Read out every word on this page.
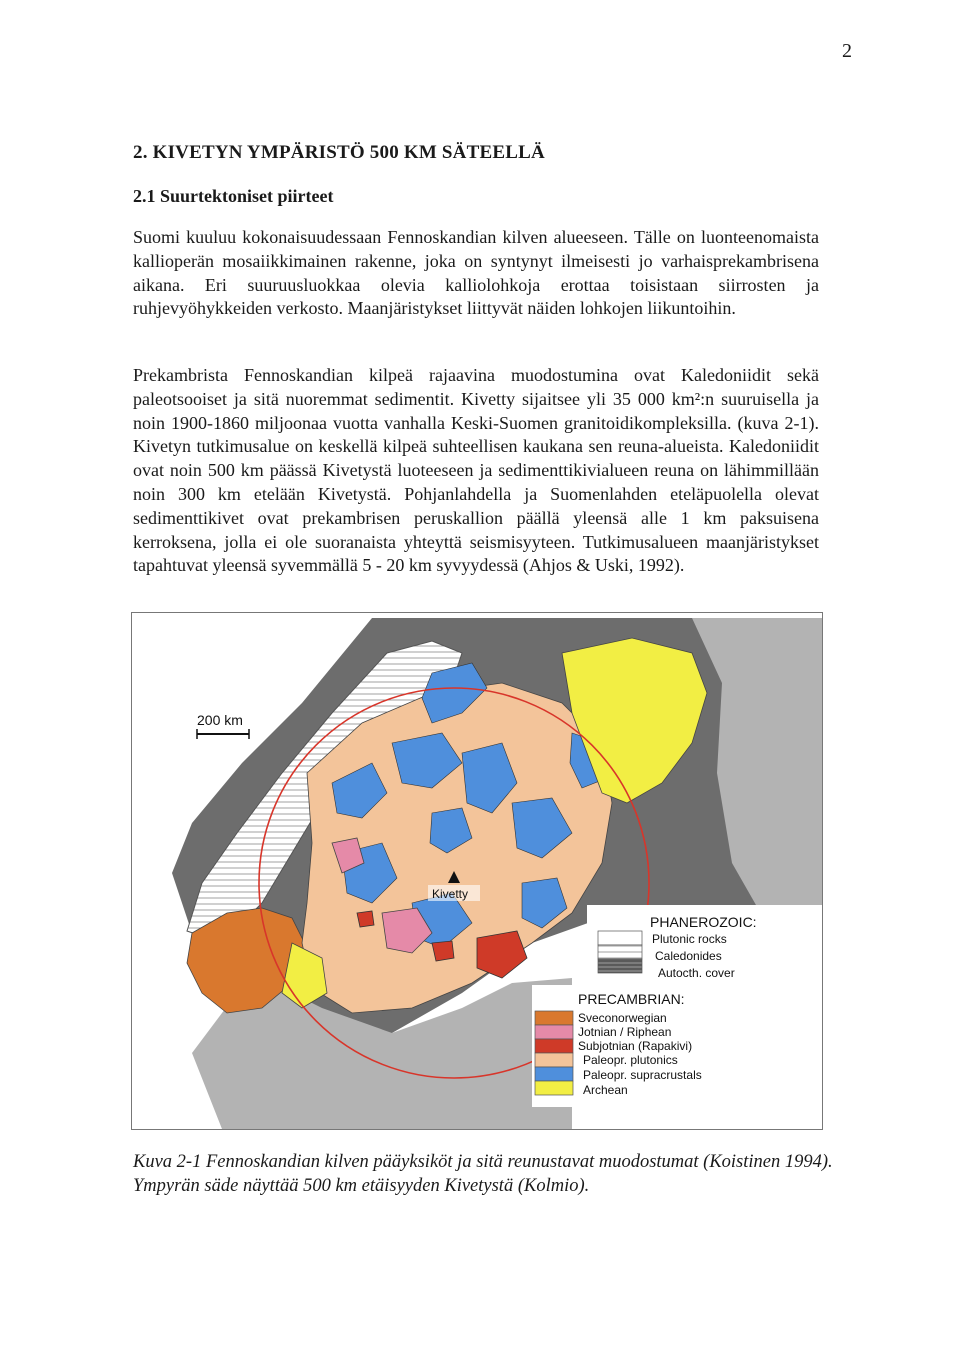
2
2. KIVETYN YMPÄRISTÖ 500 KM SÄTEELLÄ
2.1 Suurtektoniset piirteet

Suomi kuuluu kokonaisuudessaan Fennoskandian kilven alueeseen. Tälle on luonteenomaista kallioperän mosaiikkimainen rakenne, joka on syntynyt ilmeisesti jo varhaisprekambrisena aikana. Eri suuruusluokkaa olevia kalliolohkoja erottaa toisistaan siirrosten ja ruhjevyöhykkeiden verkosto. Maanjäristykset liittyvät näiden lohkojen liikuntoihin.

Prekambrista Fennoskandian kilpeä rajaavina muodostumina ovat Kaledoniidit sekä paleotsooiset ja sitä nuoremmat sedimentit. Kivetty sijaitsee yli 35 000 km²:n suuruisella ja noin 1900-1860 miljoonaa vuotta vanhalla Keski-Suomen granitoidikompleksilla. (kuva 2-1). Kivetyn tutkimusalue on keskellä kilpeä suhteellisen kaukana sen reuna-alueista. Kaledoniidit ovat noin 500 km päässä Kivetystä luoteeseen ja sedimenttikivialueen reuna on lähimmillään noin 300 km etelään Kivetystä. Pohjanlahdella ja Suomenlahden eteläpuolella olevat sedimenttikivet ovat prekambrisen peruskallion päällä yleensä alle 1 km paksuisena kerroksena, jolla ei ole suoranaista yhteyttä seismisyyteen. Tutkimusalueen maanjäristykset tapahtuvat yleensä syvemmällä 5 - 20 km syvyydessä (Ahjos & Uski, 1992).

Kivetty
200 km
PHANEROZOIC:
Plutonic rocks
Caledonides
Autocth. cover
PRECAMBRIAN:
Sveconorwegian
Jotnian / Riphean
Subjotnian (Rapakivi)
Paleopr. plutonics
Paleopr. supracrustals
Archean

Kuva 2-1 Fennoskandian kilven pääyksiköt ja sitä reunustavat muodostumat (Koistinen 1994). Ympyrän säde näyttää 500 km etäisyyden Kivetystä (Kolmio).
